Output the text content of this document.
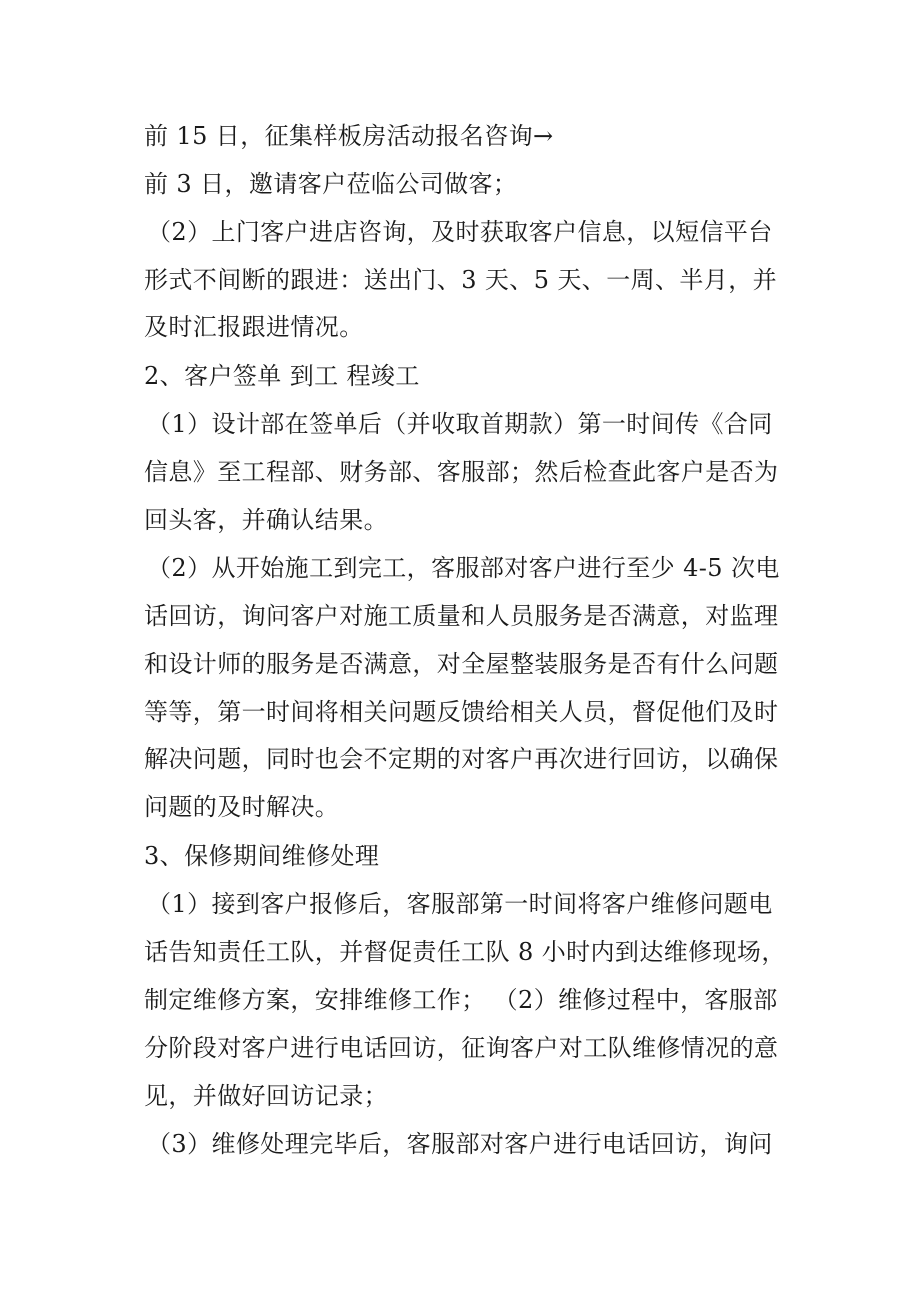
前 15 日，征集样板房活动报名咨询→
前 3 日，邀请客户莅临公司做客；
（2）上门客户进店咨询，及时获取客户信息，以短信平台
形式不间断的跟进：送出门、3 天、5 天、一周、半月，并
及时汇报跟进情况。
2、客户签单 到工 程竣工
（1）设计部在签单后（并收取首期款）第一时间传《合同
信息》至工程部、财务部、客服部；然后检查此客户是否为
回头客，并确认结果。
（2）从开始施工到完工，客服部对客户进行至少 4-5 次电
话回访，询问客户对施工质量和人员服务是否满意，对监理
和设计师的服务是否满意，对全屋整装服务是否有什么问题
等等，第一时间将相关问题反馈给相关人员，督促他们及时
解决问题，同时也会不定期的对客户再次进行回访，以确保
问题的及时解决。
3、保修期间维修处理
（1）接到客户报修后，客服部第一时间将客户维修问题电
话告知责任工队，并督促责任工队 8 小时内到达维修现场，
制定维修方案，安排维修工作； （2）维修过程中，客服部
分阶段对客户进行电话回访，征询客户对工队维修情况的意
见，并做好回访记录；
（3）维修处理完毕后，客服部对客户进行电话回访，询问
